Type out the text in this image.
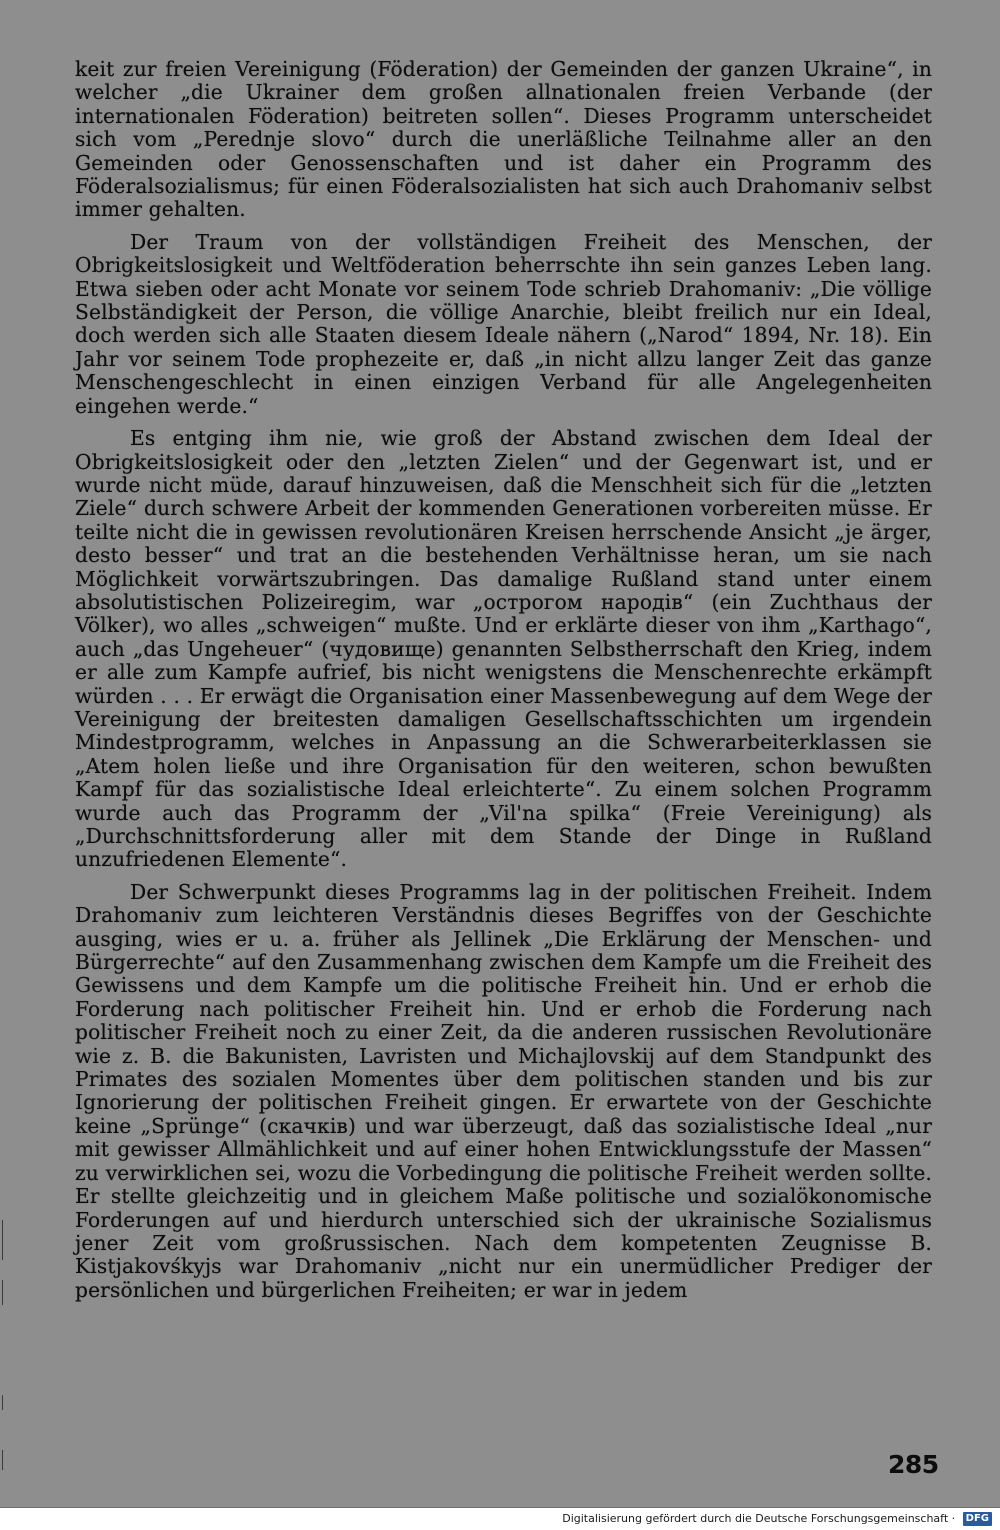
keit zur freien Vereinigung (Föderation) der Gemeinden der ganzen Ukraine“, in welcher „die Ukrainer dem großen allnationalen freien Verbande (der internationalen Föderation) beitreten sollen“. Dieses Programm unterscheidet sich vom „Perednje slovo“ durch die unerläßliche Teilnahme aller an den Gemeinden oder Genossenschaften und ist daher ein Programm des Föderalsozialismus; für einen Föderalsozialisten hat sich auch Drahomaniv selbst immer gehalten.

Der Traum von der vollständigen Freiheit des Menschen, der Obrigkeitslosigkeit und Weltföderation beherrschte ihn sein ganzes Leben lang. Etwa sieben oder acht Monate vor seinem Tode schrieb Drahomaniv: „Die völlige Selbständigkeit der Person, die völlige Anarchie, bleibt freilich nur ein Ideal, doch werden sich alle Staaten diesem Ideale nähern („Narod“ 1894, Nr. 18). Ein Jahr vor seinem Tode prophezeite er, daß „in nicht allzu langer Zeit das ganze Menschengeschlecht in einen einzigen Verband für alle Angelegenheiten eingehen werde.“

Es entging ihm nie, wie groß der Abstand zwischen dem Ideal der Obrigkeitslosigkeit oder den „letzten Zielen“ und der Gegenwart ist, und er wurde nicht müde, darauf hinzuweisen, daß die Menschheit sich für die „letzten Ziele“ durch schwere Arbeit der kommenden Generationen vorbereiten müsse. Er teilte nicht die in gewissen revolutionären Kreisen herrschende Ansicht „je ärger, desto besser“ und trat an die bestehenden Verhältnisse heran, um sie nach Möglichkeit vorwärtszubringen. Das damalige Rußland stand unter einem absolutistischen Polizeiregim, war „острогом народів“ (ein Zuchthaus der Völker), wo alles „schweigen“ mußte. Und er erklärte dieser von ihm „Karthago“, auch „das Ungeheuer“ (чудовище) genannten Selbstherrschaft den Krieg, indem er alle zum Kampfe aufrief, bis nicht wenigstens die Menschenrechte erkämpft würden . . . Er erwägt die Organisation einer Massenbewegung auf dem Wege der Vereinigung der breitesten damaligen Gesellschaftsschichten um irgendein Mindestprogramm, welches in Anpassung an die Schwerarbeiterklassen sie „Atem holen ließe und ihre Organisation für den weiteren, schon bewußten Kampf für das sozialistische Ideal erleichterte“. Zu einem solchen Programm wurde auch das Programm der „Vil'na spilka“ (Freie Vereinigung) als „Durchschnittsforderung aller mit dem Stande der Dinge in Rußland unzufriedenen Elemente“.

Der Schwerpunkt dieses Programms lag in der politischen Freiheit. Indem Drahomaniv zum leichteren Verständnis dieses Begriffes von der Geschichte ausging, wies er u. a. früher als Jellinek „Die Erklärung der Menschen- und Bürgerrechte“ auf den Zusammenhang zwischen dem Kampfe um die Freiheit des Gewissens und dem Kampfe um die politische Freiheit hin. Und er erhob die Forderung nach politischer Freiheit hin. Und er erhob die Forderung nach politischer Freiheit noch zu einer Zeit, da die anderen russischen Revolutionäre wie z. B. die Bakunisten, Lavristen und Michajlovskij auf dem Standpunkt des Primates des sozialen Momentes über dem politischen standen und bis zur Ignorierung der politischen Freiheit gingen. Er erwartete von der Geschichte keine „Sprünge“ (скачків) und war überzeugt, daß das sozialistische Ideal „nur mit gewisser Allmählichkeit und auf einer hohen Entwicklungsstufe der Massen“ zu verwirklichen sei, wozu die Vorbedingung die politische Freiheit werden sollte. Er stellte gleichzeitig und in gleichem Maße politische und sozialökonomische Forderungen auf und hierdurch unterschied sich der ukrainische Sozialismus jener Zeit vom großrussischen. Nach dem kompetenten Zeugnisse B. Kistjakovśkyjs war Drahomaniv „nicht nur ein unermüdlicher Prediger der persönlichen und bürgerlichen Freiheiten; er war in jedem

285
Digitalisierung gefördert durch die Deutsche Forschungsgemeinschaft · DFG
